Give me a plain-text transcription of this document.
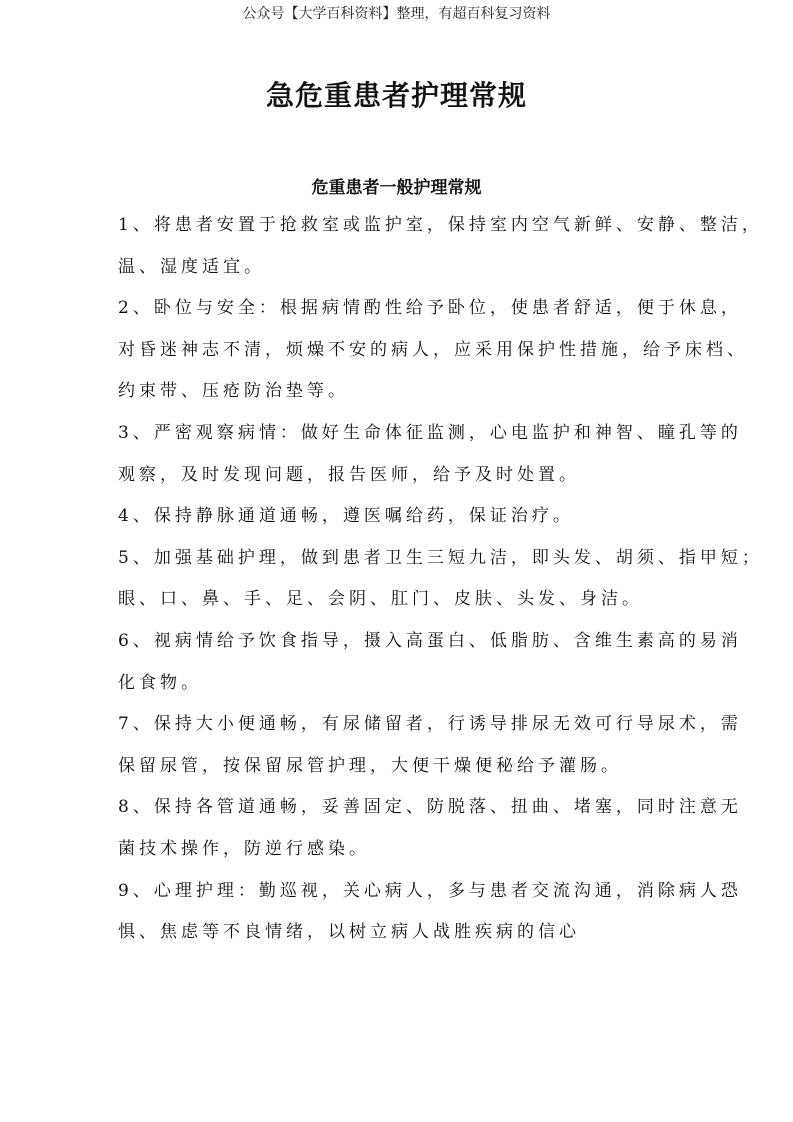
公众号【大学百科资料】整理，有超百科复习资料
急危重患者护理常规
危重患者一般护理常规
1、将患者安置于抢救室或监护室，保持室内空气新鲜、安静、整洁，
温、湿度适宜。
2、卧位与安全：根据病情酌性给予卧位，使患者舒适，便于休息，
对昏迷神志不清，烦燥不安的病人，应采用保护性措施，给予床档、
约束带、压疮防治垫等。
3、严密观察病情：做好生命体征监测，心电监护和神智、瞳孔等的
观察，及时发现问题，报告医师，给予及时处置。
4、保持静脉通道通畅，遵医嘱给药，保证治疗。
5、加强基础护理，做到患者卫生三短九洁，即头发、胡须、指甲短；
眼、口、鼻、手、足、会阴、肛门、皮肤、头发、身洁。
6、视病情给予饮食指导，摄入高蛋白、低脂肪、含维生素高的易消
化食物。
7、保持大小便通畅，有尿储留者，行诱导排尿无效可行导尿术，需
保留尿管，按保留尿管护理，大便干燥便秘给予灌肠。
8、保持各管道通畅，妥善固定、防脱落、扭曲、堵塞，同时注意无
菌技术操作，防逆行感染。
9、心理护理：勤巡视，关心病人，多与患者交流沟通，消除病人恐
惧、焦虑等不良情绪，以树立病人战胜疾病的信心
